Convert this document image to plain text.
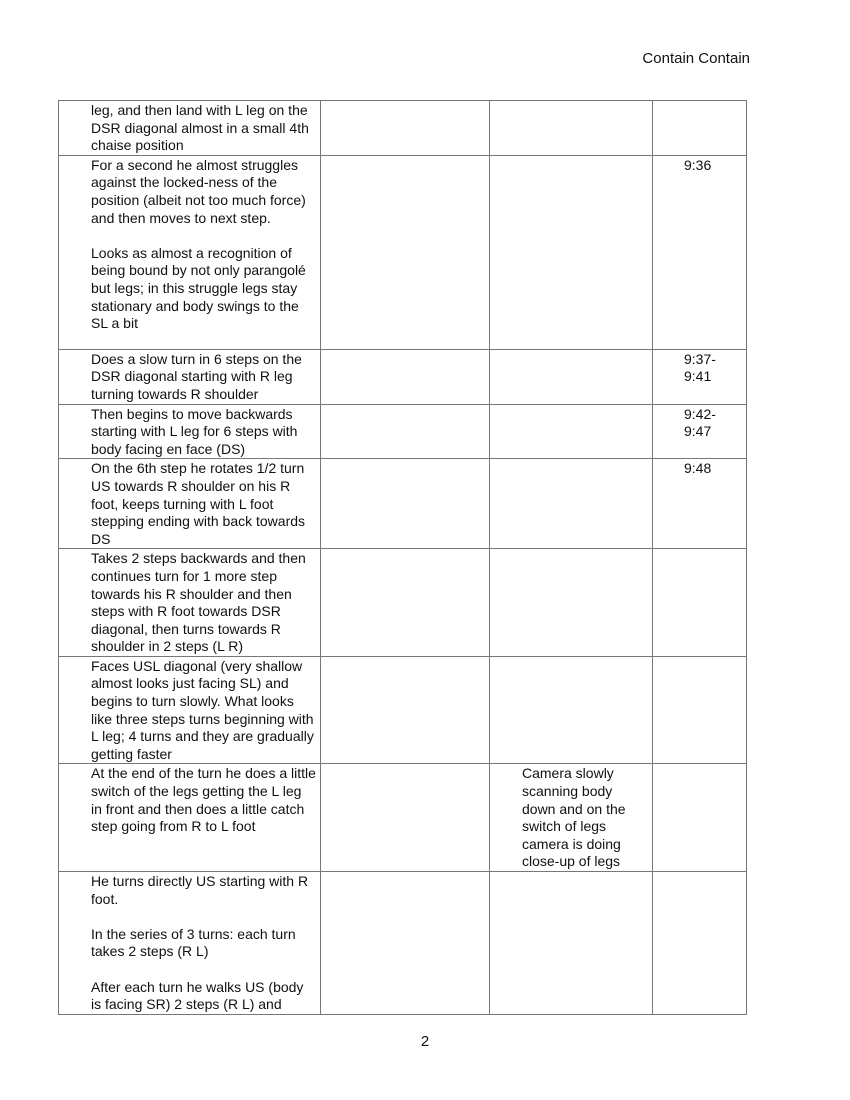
Contain Contain
leg, and then land with L leg on the DSR diagonal almost in a small 4th chaise position			

For a second he almost struggles against the locked-ness of the position (albeit not too much force) and then moves to next step.
Looks as almost a recognition of being bound by not only parangolé but legs; in this struggle legs stay stationary and body swings to the SL a bit			9:36

Does a slow turn in 6 steps on the DSR diagonal starting with R leg turning towards R shoulder			9:37-9:41

Then begins to move backwards starting with L leg for 6 steps with body facing en face (DS)			9:42-9:47

On the 6th step he rotates 1/2 turn US towards R shoulder on his R foot, keeps turning with L foot stepping ending with back towards DS			9:48

Takes 2 steps backwards and then continues turn for 1 more step towards his R shoulder and then steps with R foot towards DSR diagonal, then turns towards R shoulder in 2 steps (L R)			

Faces USL diagonal (very shallow almost looks just facing SL) and begins to turn slowly. What looks like three steps turns beginning with L leg; 4 turns and they are gradually getting faster			

At the end of the turn he does a little switch of the legs getting the L leg in front and then does a little catch step going from R to L foot		Camera slowly scanning body down and on the switch of legs camera is doing close-up of legs	

He turns directly US starting with R foot.
In the series of 3 turns: each turn takes 2 steps (R L)
After each turn he walks US (body is facing SR) 2 steps (R L) and			

2
